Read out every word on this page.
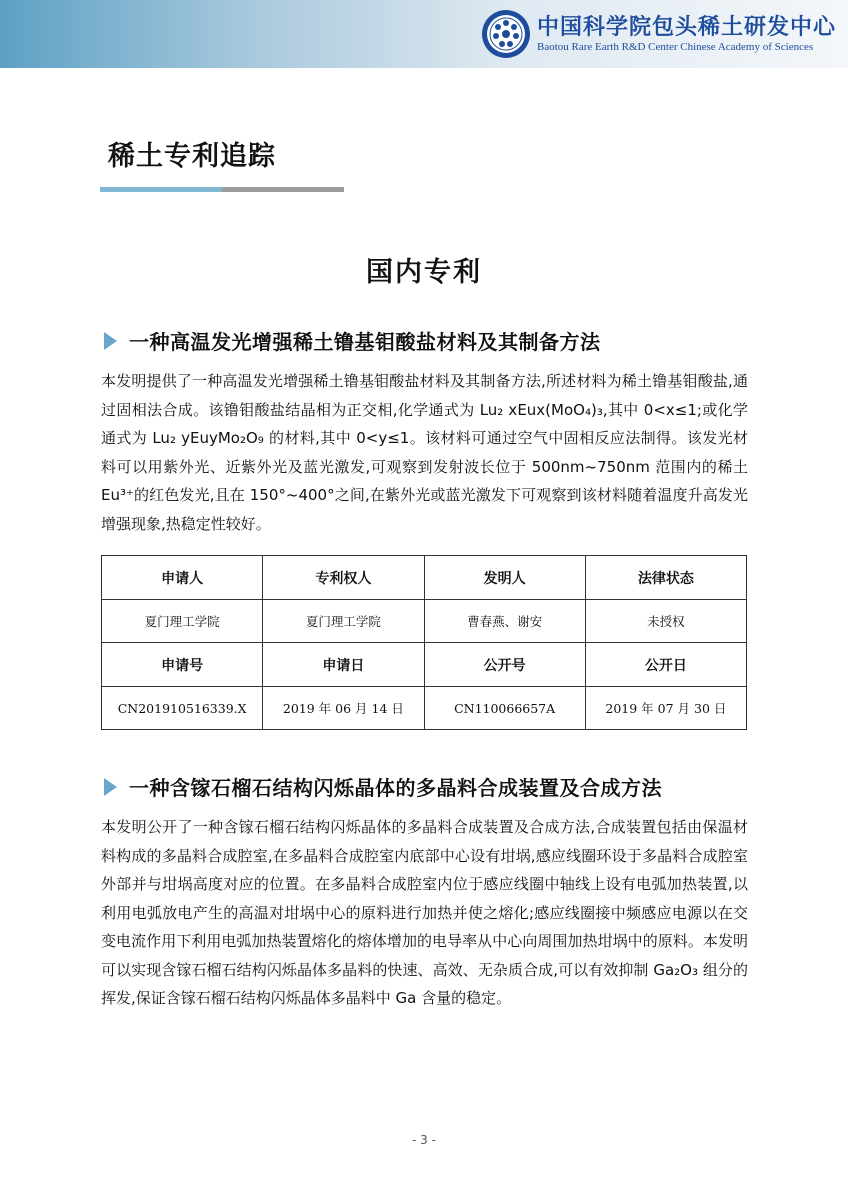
中国科学院包头稀土研发中心
Baotou Rare Earth R&D Center Chinese Academy of Sciences
稀土专利追踪
国内专利
一种高温发光增强稀土镥基钼酸盐材料及其制备方法

本发明提供了一种高温发光增强稀土镥基钼酸盐材料及其制备方法,所述材料为稀土镥基钼酸盐,通过固相法合成。该镥钼酸盐结晶相为正交相,化学通式为 Lu₂ xEux(MoO₄)₃,其中 0<x≤1;或化学通式为 Lu₂ yEuyMo₂O₉ 的材料,其中 0<y≤1。该材料可通过空气中固相反应法制得。该发光材料可以用紫外光、近紫外光及蓝光激发,可观察到发射波长位于 500nm~750nm 范围内的稀土 Eu³⁺的红色发光,且在 150°~400°之间,在紫外光或蓝光激发下可观察到该材料随着温度升高发光增强现象,热稳定性较好。

申请人	专利权人	发明人	法律状态
夏门理工学院	夏门理工学院	曹春燕、谢安	未授权
申请号	申请日	公开号	公开日
CN201910516339.X	2019 年 06 月 14 日	CN110066657A	2019 年 07 月 30 日
一种含镓石榴石结构闪烁晶体的多晶料合成装置及合成方法

本发明公开了一种含镓石榴石结构闪烁晶体的多晶料合成装置及合成方法,合成装置包括由保温材料构成的多晶料合成腔室,在多晶料合成腔室内底部中心设有坩埚,感应线圈环设于多晶料合成腔室外部并与坩埚高度对应的位置。在多晶料合成腔室内位于感应线圈中轴线上设有电弧加热装置,以利用电弧放电产生的高温对坩埚中心的原料进行加热并使之熔化;感应线圈接中频感应电源以在交变电流作用下利用电弧加热装置熔化的熔体增加的电导率从中心向周围加热坩埚中的原料。本发明可以实现含镓石榴石结构闪烁晶体多晶料的快速、高效、无杂质合成,可以有效抑制 Ga₂O₃ 组分的挥发,保证含镓石榴石结构闪烁晶体多晶料中 Ga 含量的稳定。

- 3 -
